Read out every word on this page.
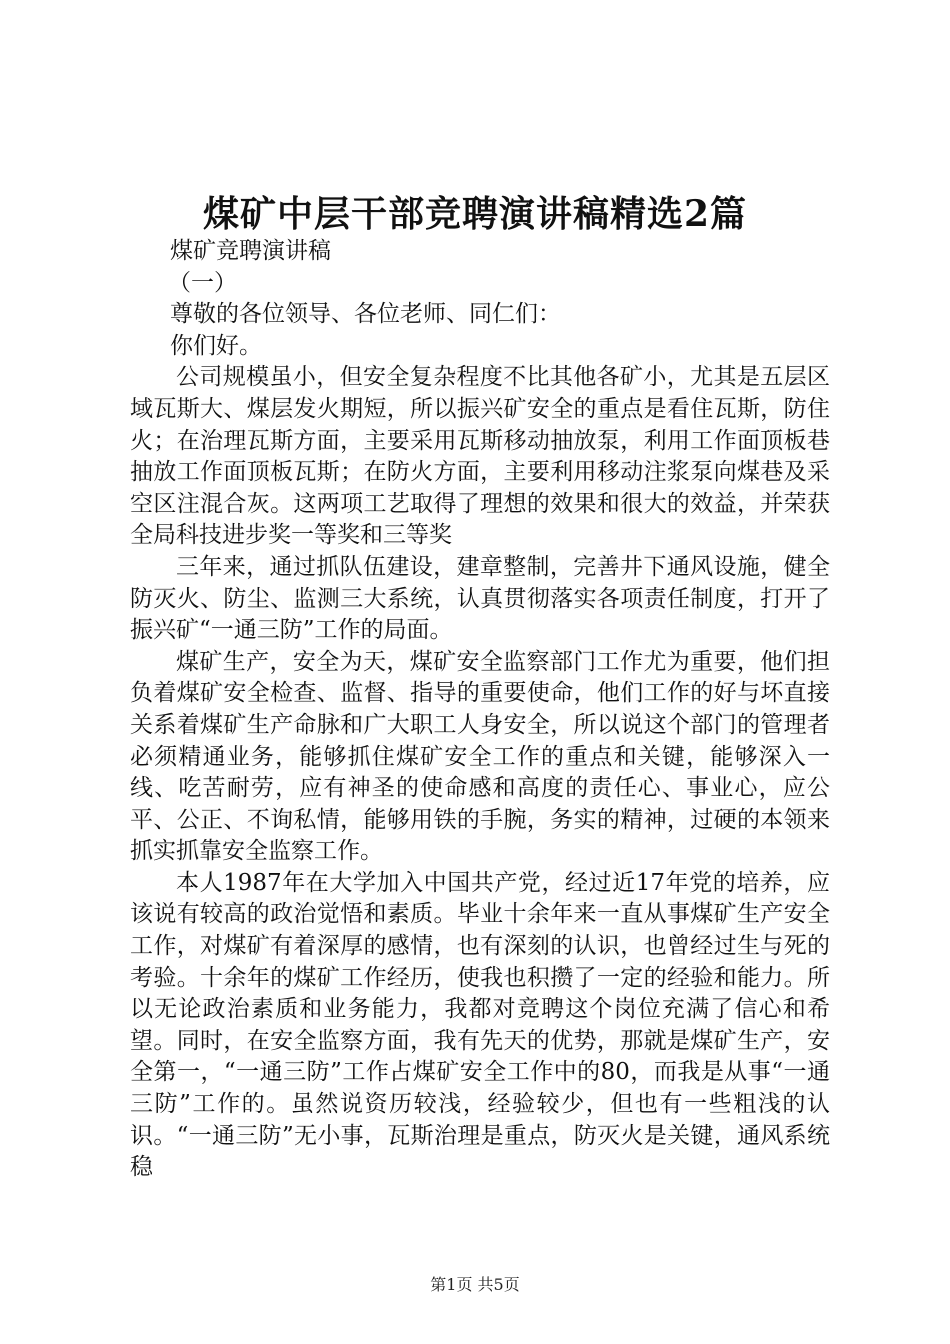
煤矿中层干部竞聘演讲稿精选2篇

煤矿竞聘演讲稿

（一）

尊敬的各位领导、各位老师、同仁们：

你们好。

公司规模虽小，但安全复杂程度不比其他各矿小，尤其是五层区域瓦斯大、煤层发火期短，所以振兴矿安全的重点是看住瓦斯，防住火；在治理瓦斯方面，主要采用瓦斯移动抽放泵，利用工作面顶板巷抽放工作面顶板瓦斯；在防火方面，主要利用移动注浆泵向煤巷及采空区注混合灰。这两项工艺取得了理想的效果和很大的效益，并荣获全局科技进步奖一等奖和三等奖

三年来，通过抓队伍建设，建章整制，完善井下通风设施，健全防灭火、防尘、监测三大系统，认真贯彻落实各项责任制度，打开了振兴矿“一通三防”工作的局面。

煤矿生产，安全为天，煤矿安全监察部门工作尤为重要，他们担负着煤矿安全检查、监督、指导的重要使命，他们工作的好与坏直接关系着煤矿生产命脉和广大职工人身安全，所以说这个部门的管理者必须精通业务，能够抓住煤矿安全工作的重点和关键，能够深入一线、吃苦耐劳，应有神圣的使命感和高度的责任心、事业心，应公平、公正、不询私情，能够用铁的手腕，务实的精神，过硬的本领来抓实抓靠安全监察工作。

本人1987年在大学加入中国共产党，经过近17年党的培养，应该说有较高的政治觉悟和素质。毕业十余年来一直从事煤矿生产安全工作，对煤矿有着深厚的感情，也有深刻的认识，也曾经过生与死的考验。十余年的煤矿工作经历，使我也积攒了一定的经验和能力。所以无论政治素质和业务能力，我都对竞聘这个岗位充满了信心和希望。同时，在安全监察方面，我有先天的优势，那就是煤矿生产，安全第一，“一通三防”工作占煤矿安全工作中的80，而我是从事“一通三防”工作的。虽然说资历较浅，经验较少，但也有一些粗浅的认识。“一通三防”无小事，瓦斯治理是重点，防灭火是关键，通风系统稳

第1页 共5页
